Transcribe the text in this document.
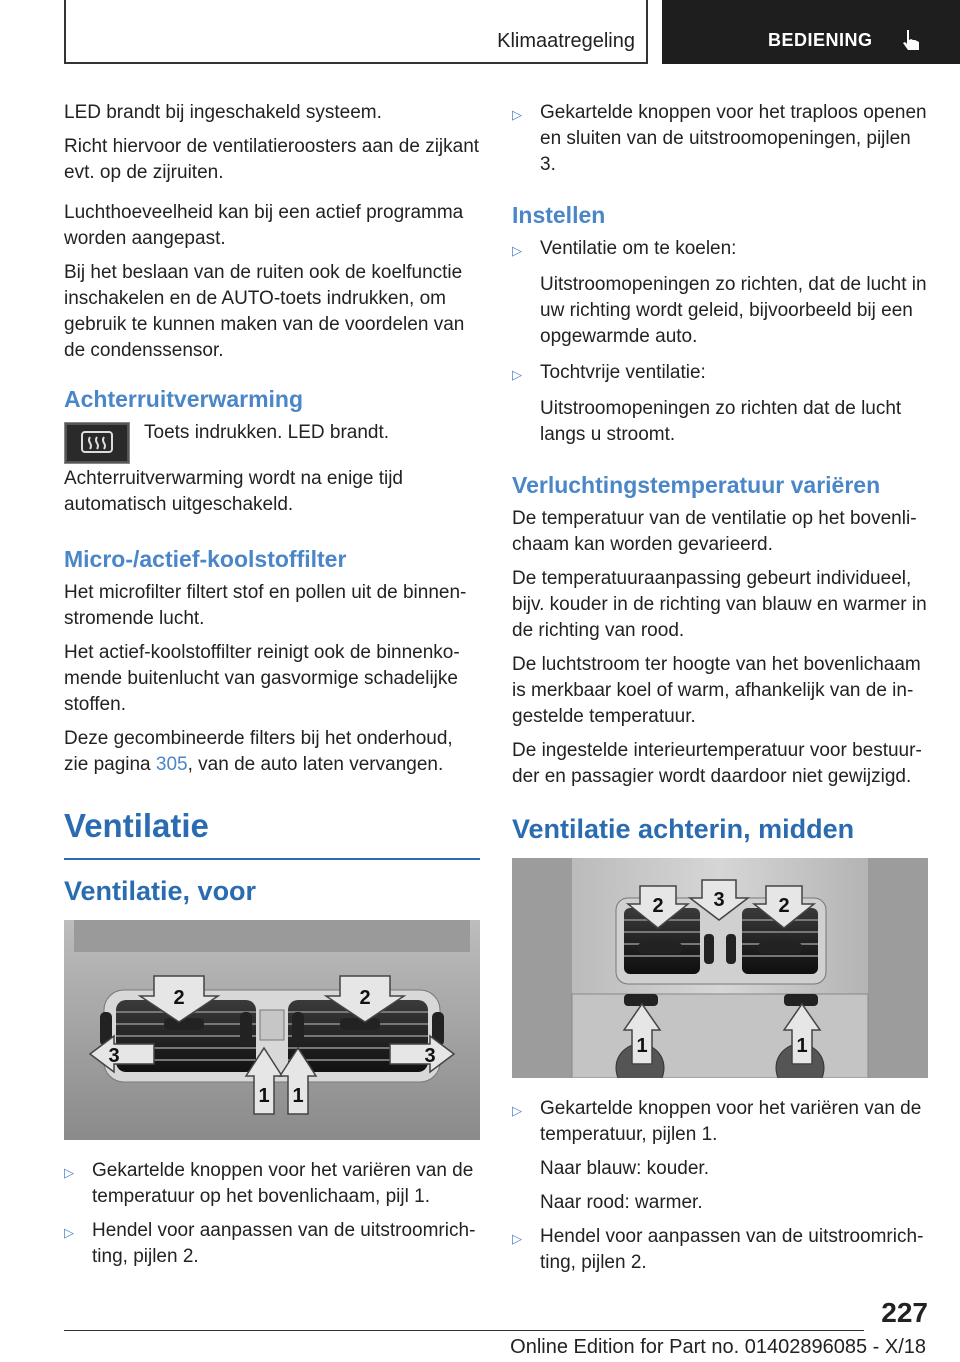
Klimaatregeling	BEDIENING

LED brandt bij ingeschakeld systeem.

Richt hiervoor de ventilatieroosters aan de zijkant evt. op de zijruiten.

Luchthoeveelheid kan bij een actief programma worden aangepast.

Bij het beslaan van de ruiten ook de koelfunctie inschakelen en de AUTO-toets indrukken, om gebruik te kunnen maken van de voordelen van de condenssensor.

Achterruitverwarming

Toets indrukken. LED brandt.

Achterruitverwarming wordt na enige tijd automatisch uitgeschakeld.

Micro-/actief-koolstoffilter

Het microfilter filtert stof en pollen uit de binnenstromende lucht.

Het actief-koolstoffilter reinigt ook de binnenkomende buitenlucht van gasvormige schadelijke stoffen.

Deze gecombineerde filters bij het onderhoud, zie pagina 305, van de auto laten vervangen.

Ventilatie
Ventilatie, voor
2	2
3
1 1
3
▷ Gekartelde knoppen voor het variëren van de temperatuur op het bovenlichaam, pijl 1.
▷ Hendel voor aanpassen van de uitstroomrichting, pijlen 2.
▷ Gekartelde knoppen voor het traploos openen en sluiten van de uitstroomopeningen, pijlen 3.
Instellen
▷ Ventilatie om te koelen:

Uitstroomopeningen zo richten, dat de lucht in uw richting wordt geleid, bijvoorbeeld bij een opgewarmde auto.

▷ Tochtvrije ventilatie:

Uitstroomopeningen zo richten dat de lucht langs u stroomt.

Verluchtingstemperatuur variëren

De temperatuur van de ventilatie op het bovenlichaam kan worden gevarieerd.

De temperatuuraanpassing gebeurt individueel, bijv. kouder in de richting van blauw en warmer in de richting van rood.

De luchtstroom ter hoogte van het bovenlichaam is merkbaar koel of warm, afhankelijk van de ingestelde temperatuur.

De ingestelde interieurtemperatuur voor bestuurder en passagier wordt daardoor niet gewijzigd.

Ventilatie achterin, midden
2 3	2
1	1
▷ Gekartelde knoppen voor het variëren van de temperatuur, pijlen 1.

Naar blauw: kouder.

Naar rood: warmer.

▷ Hendel voor aanpassen van de uitstroomrichting, pijlen 2.
227
Online Edition for Part no. 01402896085 - X/18
